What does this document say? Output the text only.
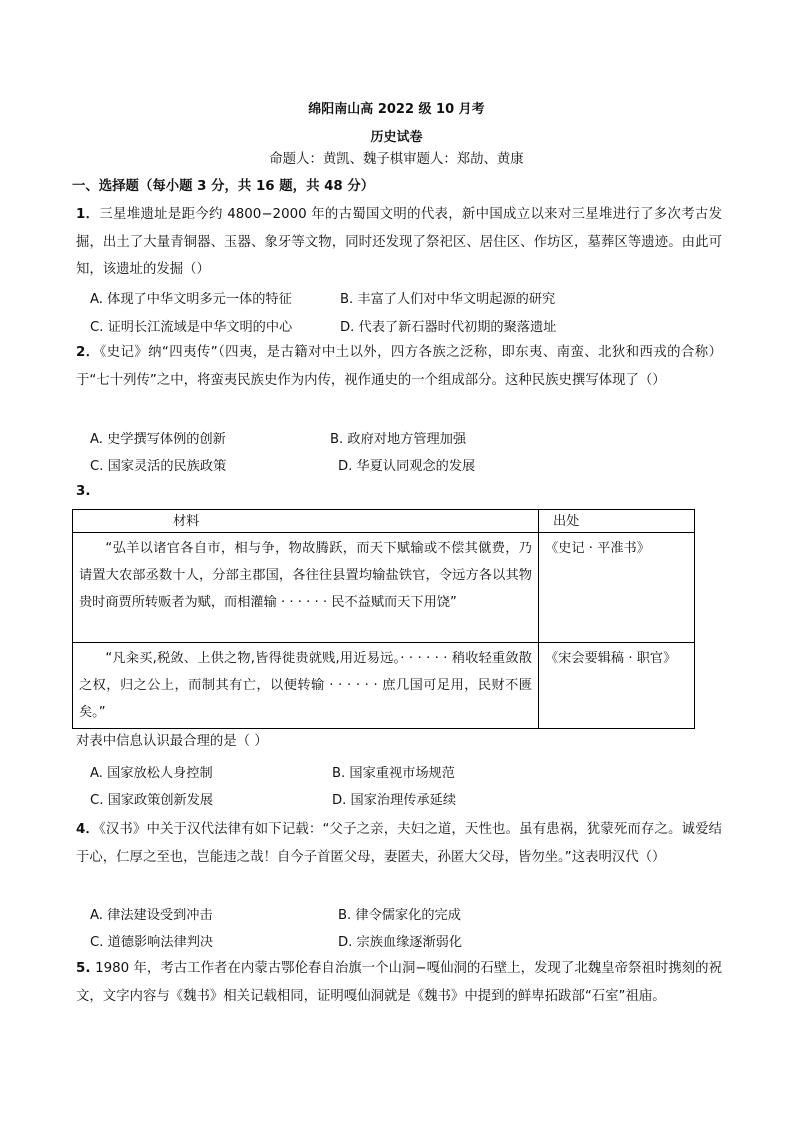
绵阳南山高 2022 级 10 月考
历史试卷
命题人：黄凯、魏子棋审题人：郑劼、黄康
一、选择题（每小题 3 分，共 16 题，共 48 分）
1．三星堆遗址是距今约 4800−2000 年的古蜀国文明的代表，新中国成立以来对三星堆进行了多次考古发掘，出土了大量青铜器、玉器、象牙等文物，同时还发现了祭祀区、居住区、作坊区，墓葬区等遗迹。由此可知，该遗址的发掘（）
A. 体现了中华文明多元一体的特征	B. 丰富了人们对中华文明起源的研究
C. 证明长江流域是中华文明的中心	D. 代表了新石器时代初期的聚落遗址
2．《史记》纳“四夷传”（四夷，是古籍对中土以外，四方各族之泛称，即东夷、南蛮、北狄和西戎的合称）于“七十列传”之中，将蛮夷民族史作为内传，视作通史的一个组成部分。这种民族史撰写体现了（）
A. 史学撰写体例的创新	B. 政府对地方管理加强
C. 国家灵活的民族政策	D. 华夏认同观念的发展
3.
材料	出处
“弘羊以诸官各自市，相与争，物故腾跃，而天下赋输或不偿其僦费，乃请置大农部丞数十人，分部主郡国，各往往县置均输盐铁官，令远方各以其物贵时商贾所转贩者为赋，而相灌输 · · · · · · 民不益赋而天下用饶”	《史记 · 平准书》
“凡籴买,税敛、上供之物,皆得徙贵就贱,用近易远。· · · · · · 稍收轻重敛散之权，归之公上，而制其有亡，以便转输 · · · · · · 庶几国可足用，民财不匮矣。”	《宋会要辑稿 · 职官》
对表中信息认识最合理的是（ ）
A. 国家放松人身控制	B. 国家重视市场规范
C. 国家政策创新发展	D. 国家治理传承延续
4．《汉书》中关于汉代法律有如下记载：“父子之亲，夫妇之道，天性也。虽有患祸，犹蒙死而存之。诚爱结于心，仁厚之至也，岂能违之哉！自今子首匿父母，妻匿夫，孙匿大父母，皆勿坐。”这表明汉代（）
A. 律法建设受到冲击	B. 律令儒家化的完成
C. 道德影响法律判决	D. 宗族血缘逐渐弱化
5. 1980 年，考古工作者在内蒙古鄂伦春自治旗一个山洞−嘎仙洞的石壁上，发现了北魏皇帝祭祖时携刻的祝文，文字内容与《魏书》相关记载相同，证明嘎仙洞就是《魏书》中提到的鲜卑拓跋部“石室”祖庙。
